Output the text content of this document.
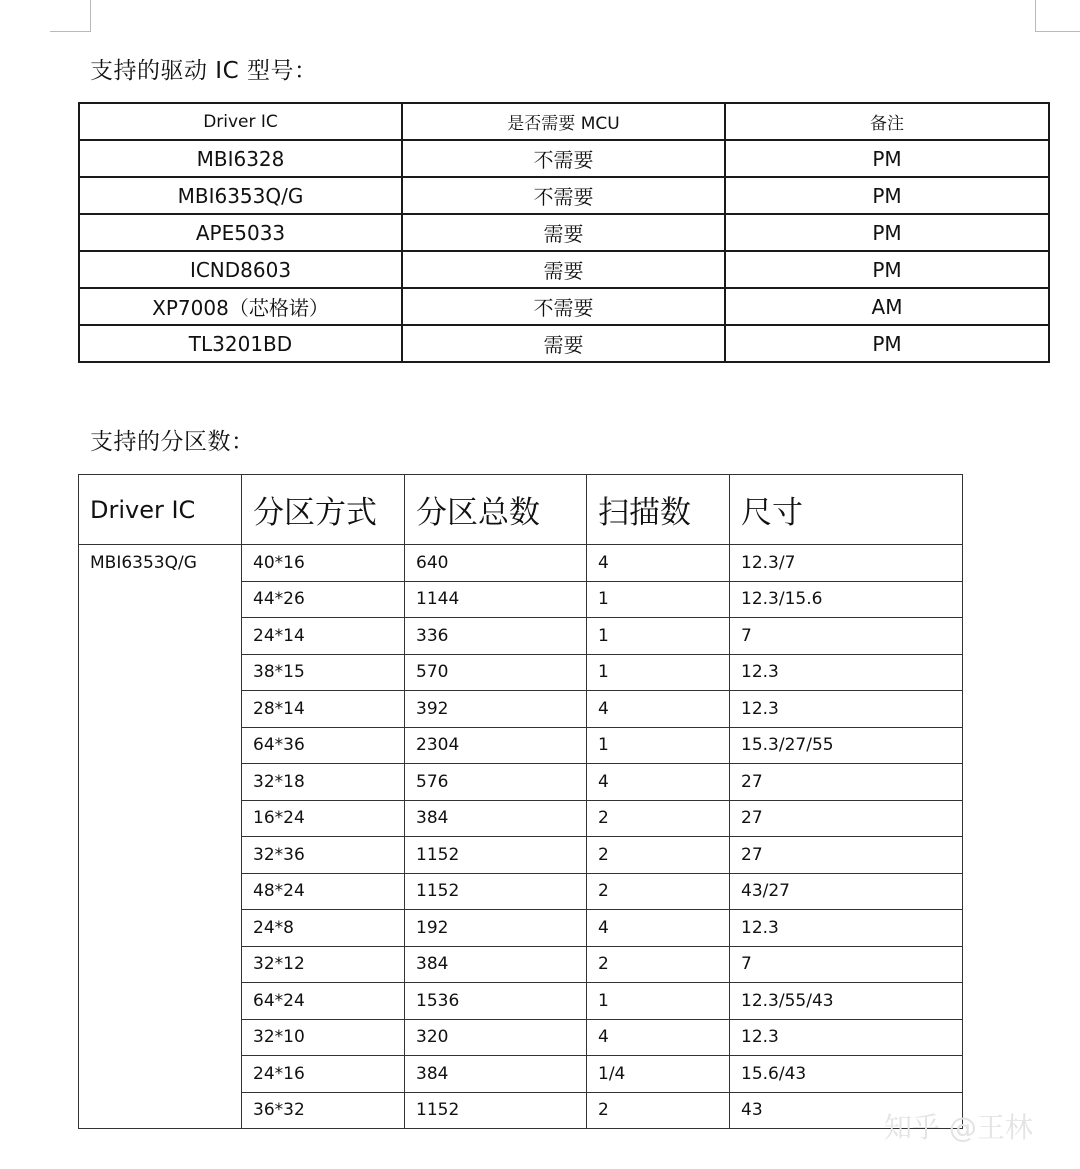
支持的驱动 IC 型号：
Driver IC	是否需要 MCU	备注
MBI6328	不需要	PM
MBI6353Q/G	不需要	PM
APE5033	需要	PM
ICND8603	需要	PM
XP7008（芯格诺）	不需要	AM
TL3201BD	需要	PM
支持的分区数：
Driver IC	分区方式	分区总数	扫描数	尺寸
MBI6353Q/G	40*16	640	4	12.3/7
	44*26	1144	1	12.3/15.6
	24*14	336	1	7
	38*15	570	1	12.3
	28*14	392	4	12.3
	64*36	2304	1	15.3/27/55
	32*18	576	4	27
	16*24	384	2	27
	32*36	1152	2	27
	48*24	1152	2	43/27
	24*8	192	4	12.3
	32*12	384	2	7
	64*24	1536	1	12.3/55/43
	32*10	320	4	12.3
	24*16	384	1/4	15.6/43
	36*32	1152	2	43
知乎 @王林
